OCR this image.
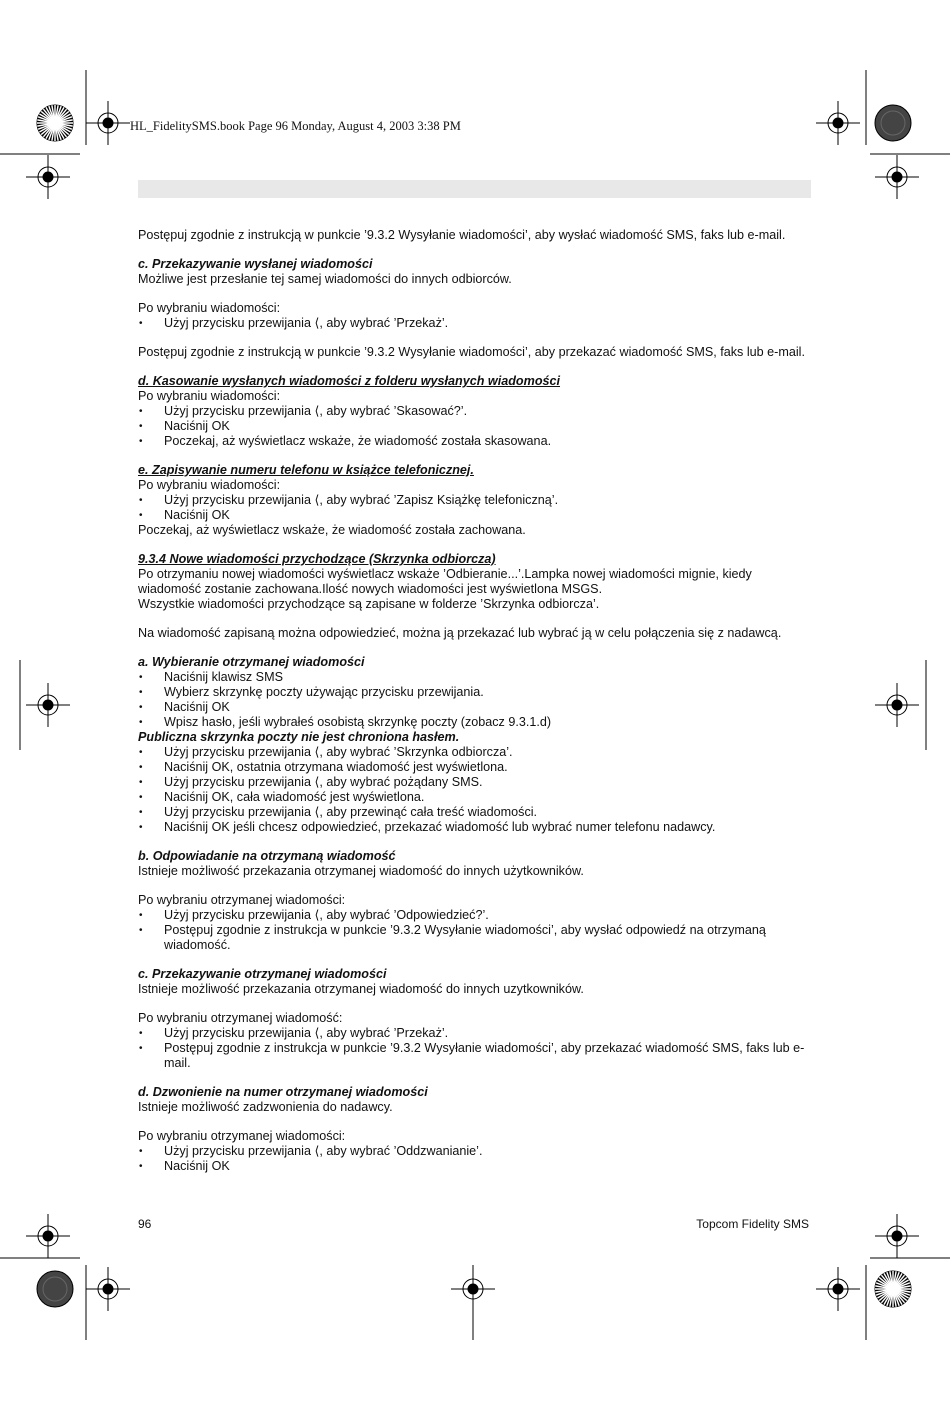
HL_FidelitySMS.book Page 96 Monday, August 4, 2003 3:38 PM

Postępuj zgodnie z instrukcją w punkcie ’9.3.2 Wysyłanie wiadomości’, aby wysłać wiadomość SMS, faks lub e-mail.

c. Przekazywanie wysłanej wiadomości

Możliwe jest przesłanie tej samej wiadomości do innych odbiorców.

Po wybraniu wiadomości:

• Użyj przycisku przewijania ⟨, aby wybrać ’Przekaż’.

Postępuj zgodnie z instrukcją w punkcie ’9.3.2 Wysyłanie wiadomości’, aby przekazać wiadomość SMS, faks lub e-mail.

d. Kasowanie wysłanych wiadomości z folderu wysłanych wiadomości

Po wybraniu wiadomości:

• Użyj przycisku przewijania ⟨, aby wybrać ’Skasować?’.

• Naciśnij OK

• Poczekaj, aż wyświetlacz wskaże, że wiadomość została skasowana.

e. Zapisywanie numeru telefonu w książce telefonicznej.

Po wybraniu wiadomości:

• Użyj przycisku przewijania ⟨, aby wybrać ’Zapisz Książkę telefoniczną’.

• Naciśnij OK

Poczekaj, aż wyświetlacz wskaże, że wiadomość została zachowana.

9.3.4 Nowe wiadomości przychodzące (Skrzynka odbiorcza)

Po otrzymaniu nowej wiadomości wyświetlacz wskaże ’Odbieranie...’.Lampka nowej wiadomości mignie, kiedy wiadomość zostanie zachowana.Ilość nowych wiadomości jest wyświetlona MSGS.

Wszystkie wiadomości przychodzące są zapisane w folderze ’Skrzynka odbiorcza’.

Na wiadomość zapisaną można odpowiedzieć, można ją przekazać lub wybrać ją w celu połączenia się z nadawcą.

a. Wybieranie otrzymanej wiadomości

• Naciśnij klawisz SMS

• Wybierz skrzynkę poczty używając przycisku przewijania.

• Naciśnij OK

• Wpisz hasło, jeśli wybrałeś osobistą skrzynkę poczty (zobacz 9.3.1.d)

Publiczna skrzynka poczty nie jest chroniona hasłem.

• Użyj przycisku przewijania ⟨, aby wybrać ’Skrzynka odbiorcza’.

• Naciśnij OK, ostatnia otrzymana wiadomość jest wyświetlona.

• Użyj przycisku przewijania ⟨, aby wybrać pożądany SMS.

• Naciśnij OK, cała wiadomość jest wyświetlona.

• Użyj przycisku przewijania ⟨, aby przewinąć cała treść wiadomości.

• Naciśnij OK jeśli chcesz odpowiedzieć, przekazać wiadomość lub wybrać numer telefonu nadawcy.

b. Odpowiadanie na otrzymaną wiadomość

Istnieje możliwość przekazania otrzymanej wiadomość do innych użytkowników.

Po wybraniu otrzymanej wiadomości:

• Użyj przycisku przewijania ⟨, aby wybrać ’Odpowiedzieć?’.

• Postępuj zgodnie z instrukcja w punkcie ’9.3.2 Wysyłanie wiadomości’, aby wysłać odpowiedź na otrzymaną wiadomość.

c. Przekazywanie otrzymanej wiadomości

Istnieje możliwość przekazania otrzymanej wiadomość do innych uzytkowników.

Po wybraniu otrzymanej wiadomość:

• Użyj przycisku przewijania ⟨, aby wybrać ’Przekaż’.

• Postępuj zgodnie z instrukcja w punkcie ’9.3.2 Wysyłanie wiadomości’, aby przekazać wiadomość SMS, faks lub e-mail.

d. Dzwonienie na numer otrzymanej wiadomości

Istnieje możliwość zadzwonienia do nadawcy.

Po wybraniu otrzymanej wiadomości:

• Użyj przycisku przewijania ⟨, aby wybrać ’Oddzwanianie’.

• Naciśnij OK

96	Topcom Fidelity SMS
